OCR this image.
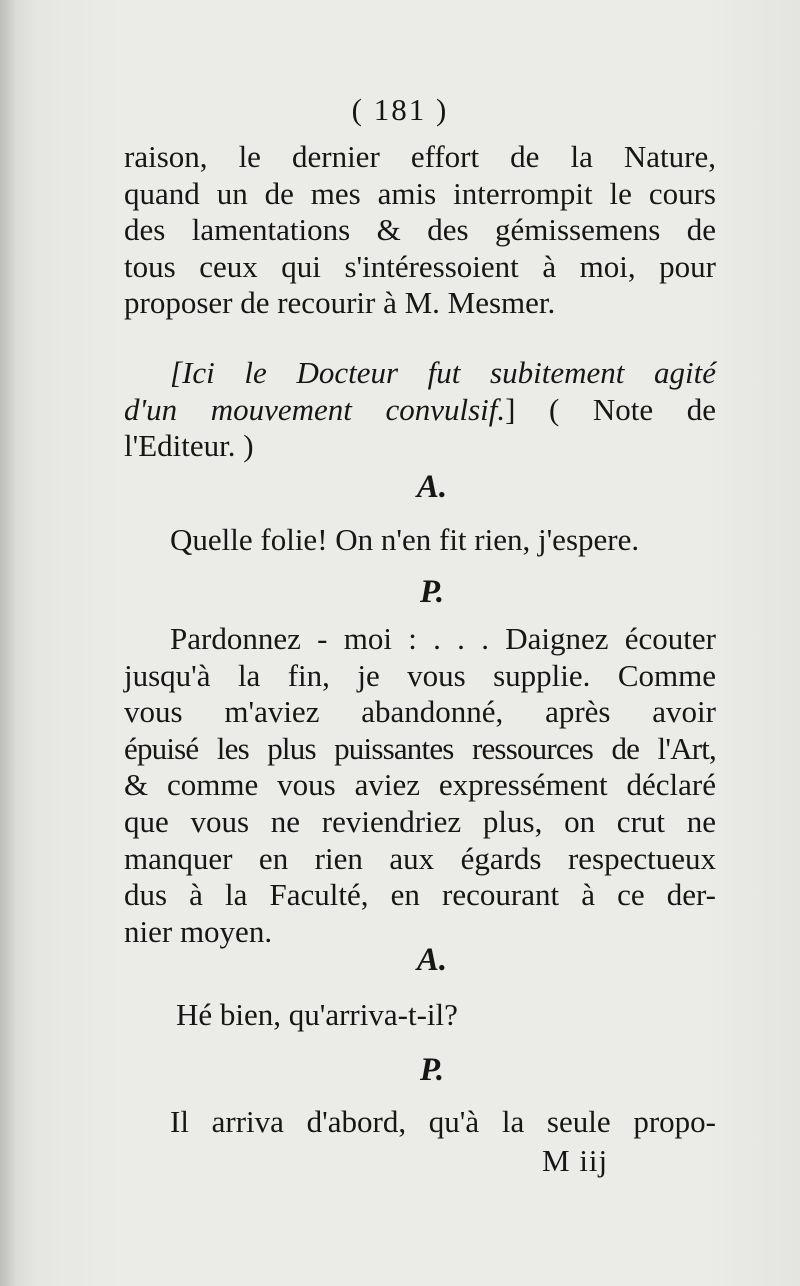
( 181 )
raison, le dernier effort de la Nature,
quand un de mes amis interrompit le cours
des lamentations & des gémissemens de
tous ceux qui s'intéressoient à moi, pour
proposer de recourir à M. Mesmer.
[Ici le Docteur fut subitement agité
d'un mouvement convulsif.] ( Note de
l'Editeur. )
A.
Quelle folie! On n'en fit rien, j'espere.
P.
Pardonnez - moi : . . . Daignez écouter
jusqu'à la fin, je vous supplie. Comme
vous m'aviez abandonné, après avoir
épuisé les plus puissantes ressources de l'Art,
& comme vous aviez expressément déclaré
que vous ne reviendriez plus, on crut ne
manquer en rien aux égards respectueux
dus à la Faculté, en recourant à ce der-
nier moyen.
A.
Hé bien, qu'arriva-t-il?
P.
Il arriva d'abord, qu'à la seule propo-
M iij
